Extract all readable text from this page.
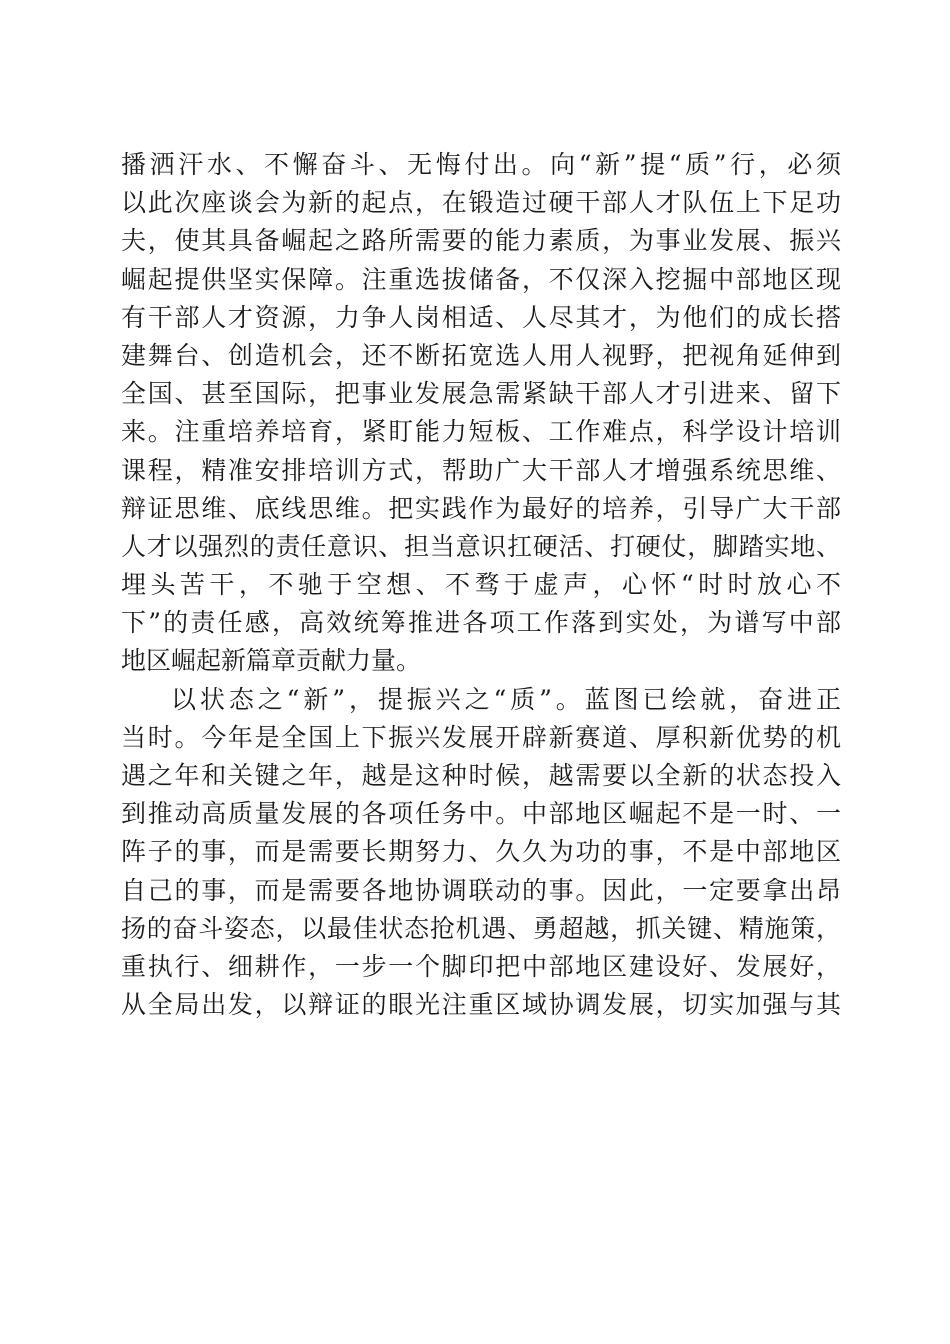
播洒汗水、不懈奋斗、无悔付出。向“新”提“质”行，必须
以此次座谈会为新的起点，在锻造过硬干部人才队伍上下足功
夫，使其具备崛起之路所需要的能力素质，为事业发展、振兴
崛起提供坚实保障。注重选拔储备，不仅深入挖掘中部地区现
有干部人才资源，力争人岗相适、人尽其才，为他们的成长搭
建舞台、创造机会，还不断拓宽选人用人视野，把视角延伸到
全国、甚至国际，把事业发展急需紧缺干部人才引进来、留下
来。注重培养培育，紧盯能力短板、工作难点，科学设计培训
课程，精准安排培训方式，帮助广大干部人才增强系统思维、
辩证思维、底线思维。把实践作为最好的培养，引导广大干部
人才以强烈的责任意识、担当意识扛硬活、打硬仗，脚踏实地、
埋头苦干，不驰于空想、不骛于虚声，心怀“时时放心不
下”的责任感，高效统筹推进各项工作落到实处，为谱写中部
地区崛起新篇章贡献力量。
以状态之“新”，提振兴之“质”。蓝图已绘就，奋进正
当时。今年是全国上下振兴发展开辟新赛道、厚积新优势的机
遇之年和关键之年，越是这种时候，越需要以全新的状态投入
到推动高质量发展的各项任务中。中部地区崛起不是一时、一
阵子的事，而是需要长期努力、久久为功的事，不是中部地区
自己的事，而是需要各地协调联动的事。因此，一定要拿出昂
扬的奋斗姿态，以最佳状态抢机遇、勇超越，抓关键、精施策，
重执行、细耕作，一步一个脚印把中部地区建设好、发展好，
从全局出发，以辩证的眼光注重区域协调发展，切实加强与其
